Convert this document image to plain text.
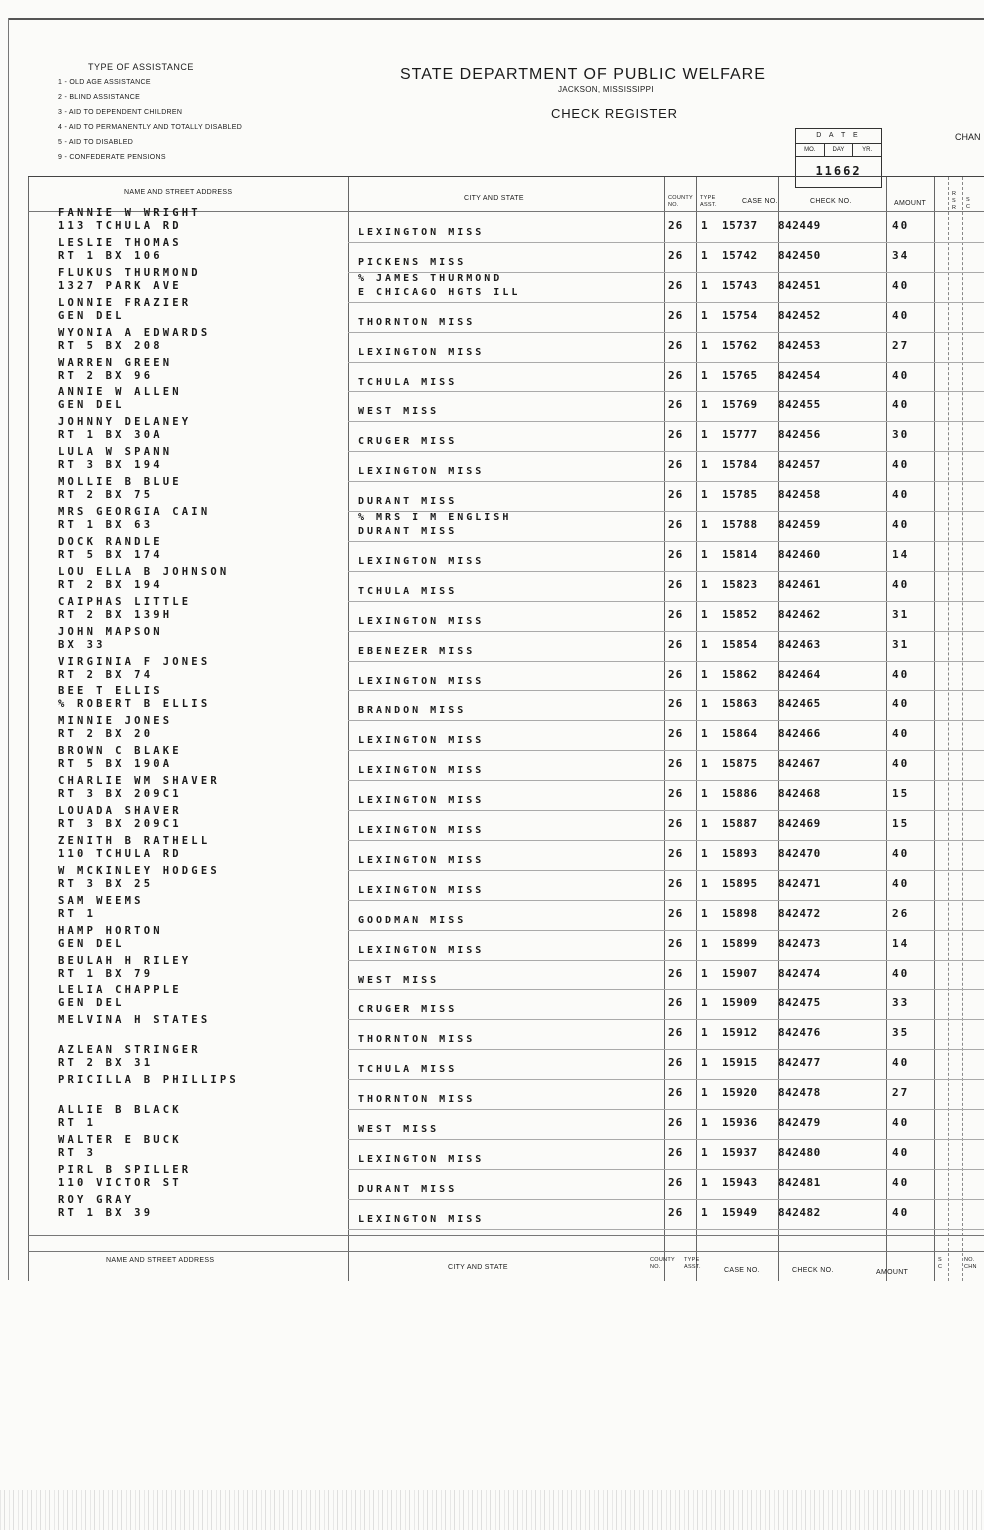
TYPE OF ASSISTANCE
1 - OLD AGE ASSISTANCE
2 - BLIND ASSISTANCE
3 - AID TO DEPENDENT CHILDREN
4 - AID TO PERMANENTLY AND TOTALLY DISABLED
5 - AID TO DISABLED
9 - CONFEDERATE PENSIONS
STATE DEPARTMENT OF PUBLIC WELFARE
JACKSON, MISSISSIPPI
CHECK REGISTER
D A T E
MO.	DAY	YR.
11662
CHAN
NAME AND STREET ADDRESS
CITY AND STATE	COUNTY NO.
TYPE ASST.	CASE NO.	CHECK NO.	AMOUNT
R S R
S C
FANNIE W WRIGHT
113 TCHULA RD
LEXINGTON MISS
26 1 15737 842449	40
LESLIE THOMAS
RT 1 BX 106
PICKENS MISS
26 1 15742 842450	34
FLUKUS THURMOND
1327 PARK AVE
% JAMES THURMOND
E CHICAGO HGTS ILL
26 1 15743 842451	40
LONNIE FRAZIER
GEN DEL
THORNTON MISS
26 1 15754 842452	40
WYONIA A EDWARDS
RT 5 BX 208
LEXINGTON MISS
26 1 15762 842453	27
WARREN GREEN
RT 2 BX 96
TCHULA MISS
26 1 15765 842454	40
ANNIE W ALLEN
GEN DEL
WEST MISS
26 1 15769 842455	40
JOHNNY DELANEY
RT 1 BX 30A
CRUGER MISS
26 1 15777 842456	30
LULA W SPANN
RT 3 BX 194
LEXINGTON MISS
26 1 15784 842457	40
MOLLIE B BLUE
RT 2 BX 75
DURANT MISS
26 1 15785 842458	40
MRS GEORGIA CAIN
RT 1 BX 63
% MRS I M ENGLISH
DURANT MISS
26 1 15788 842459	40
DOCK RANDLE
RT 5 BX 174
LEXINGTON MISS
26 1 15814 842460	14
LOU ELLA B JOHNSON
RT 2 BX 194
TCHULA MISS
26 1 15823 842461	40
CAIPHAS LITTLE
RT 2 BX 139H
LEXINGTON MISS
26 1 15852 842462	31
JOHN MAPSON
BX 33
EBENEZER MISS
26 1 15854 842463	31
VIRGINIA F JONES
RT 2 BX 74
LEXINGTON MISS
26 1 15862 842464	40
BEE T ELLIS
% ROBERT B ELLIS
BRANDON MISS
26 1 15863 842465	40
MINNIE JONES
RT 2 BX 20
LEXINGTON MISS
26 1 15864 842466	40
BROWN C BLAKE
RT 5 BX 190A
LEXINGTON MISS
26 1 15875 842467	40
CHARLIE WM SHAVER
RT 3 BX 209C1
LEXINGTON MISS
26 1 15886 842468	15
LOUADA SHAVER
RT 3 BX 209C1
LEXINGTON MISS
26 1 15887 842469	15
ZENITH B RATHELL
110 TCHULA RD
LEXINGTON MISS
26 1 15893 842470	40
W MCKINLEY HODGES
RT 3 BX 25
LEXINGTON MISS
26 1 15895 842471	40
SAM WEEMS
RT 1
GOODMAN MISS
26 1 15898 842472	26
HAMP HORTON
GEN DEL
LEXINGTON MISS
26 1 15899 842473	14
BEULAH H RILEY
RT 1 BX 79
WEST MISS
26 1 15907 842474	40
LELIA CHAPPLE
GEN DEL
CRUGER MISS
26 1 15909 842475	33
MELVINA H STATES
THORNTON MISS
26 1 15912 842476	35
AZLEAN STRINGER
RT 2 BX 31
TCHULA MISS
26 1 15915 842477	40
PRICILLA B PHILLIPS
THORNTON MISS
26 1 15920 842478	27
ALLIE B BLACK
RT 1
WEST MISS
26 1 15936 842479	40
WALTER E BUCK
RT 3
LEXINGTON MISS
26 1 15937 842480	40
PIRL B SPILLER
110 VICTOR ST
DURANT MISS
26 1 15943 842481	40
ROY GRAY
RT 1 BX 39
LEXINGTON MISS
26 1 15949 842482	40
NAME AND STREET ADDRESS
CITY AND STATE
COUNTY NO.
TYPE ASST.	CASE NO.	CHECK NO.	AMOUNT
S C
NO. CHN
